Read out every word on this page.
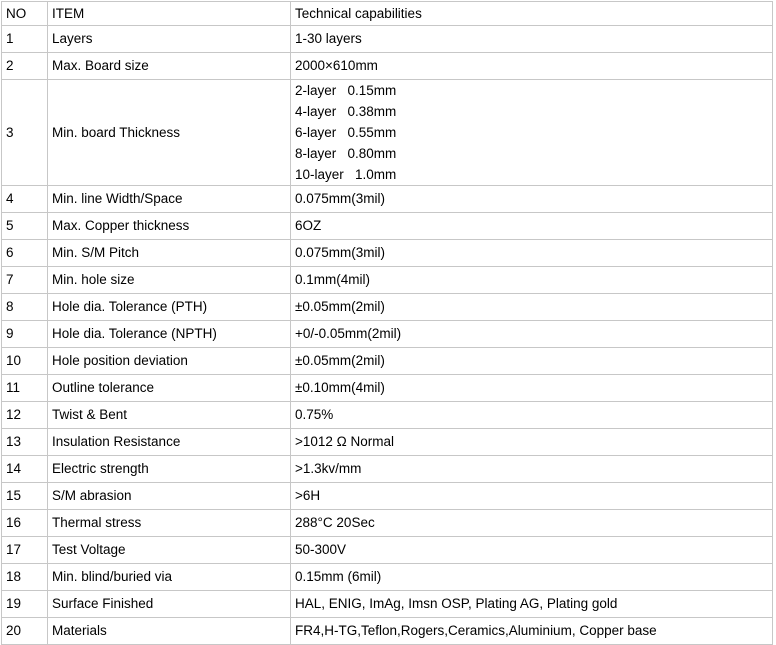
NO	ITEM	Technical capabilities
1	Layers	1-30 layers
2	Max. Board size	2000×610mm
3	Min. board Thickness	2-layer   0.15mm
4-layer   0.38mm
6-layer   0.55mm
8-layer   0.80mm
10-layer   1.0mm

4	Min. line Width/Space	0.075mm(3mil)
5	Max. Copper thickness	6OZ
6	Min. S/M Pitch	0.075mm(3mil)
7	Min. hole size	0.1mm(4mil)
8	Hole dia. Tolerance (PTH)	±0.05mm(2mil)
9	Hole dia. Tolerance (NPTH)	+0/-0.05mm(2mil)
10	Hole position deviation	±0.05mm(2mil)
11	Outline tolerance	±0.10mm(4mil)
12	Twist & Bent	0.75%
13	Insulation Resistance	>1012 Ω Normal
14	Electric strength	>1.3kv/mm
15	S/M abrasion	>6H
16	Thermal stress	288°C 20Sec
17	Test Voltage	50-300V
18	Min. blind/buried via	0.15mm (6mil)
19	Surface Finished	HAL, ENIG, ImAg, Imsn OSP, Plating AG, Plating gold
20	Materials	FR4,H-TG,Teflon,Rogers,Ceramics,Aluminium, Copper base
